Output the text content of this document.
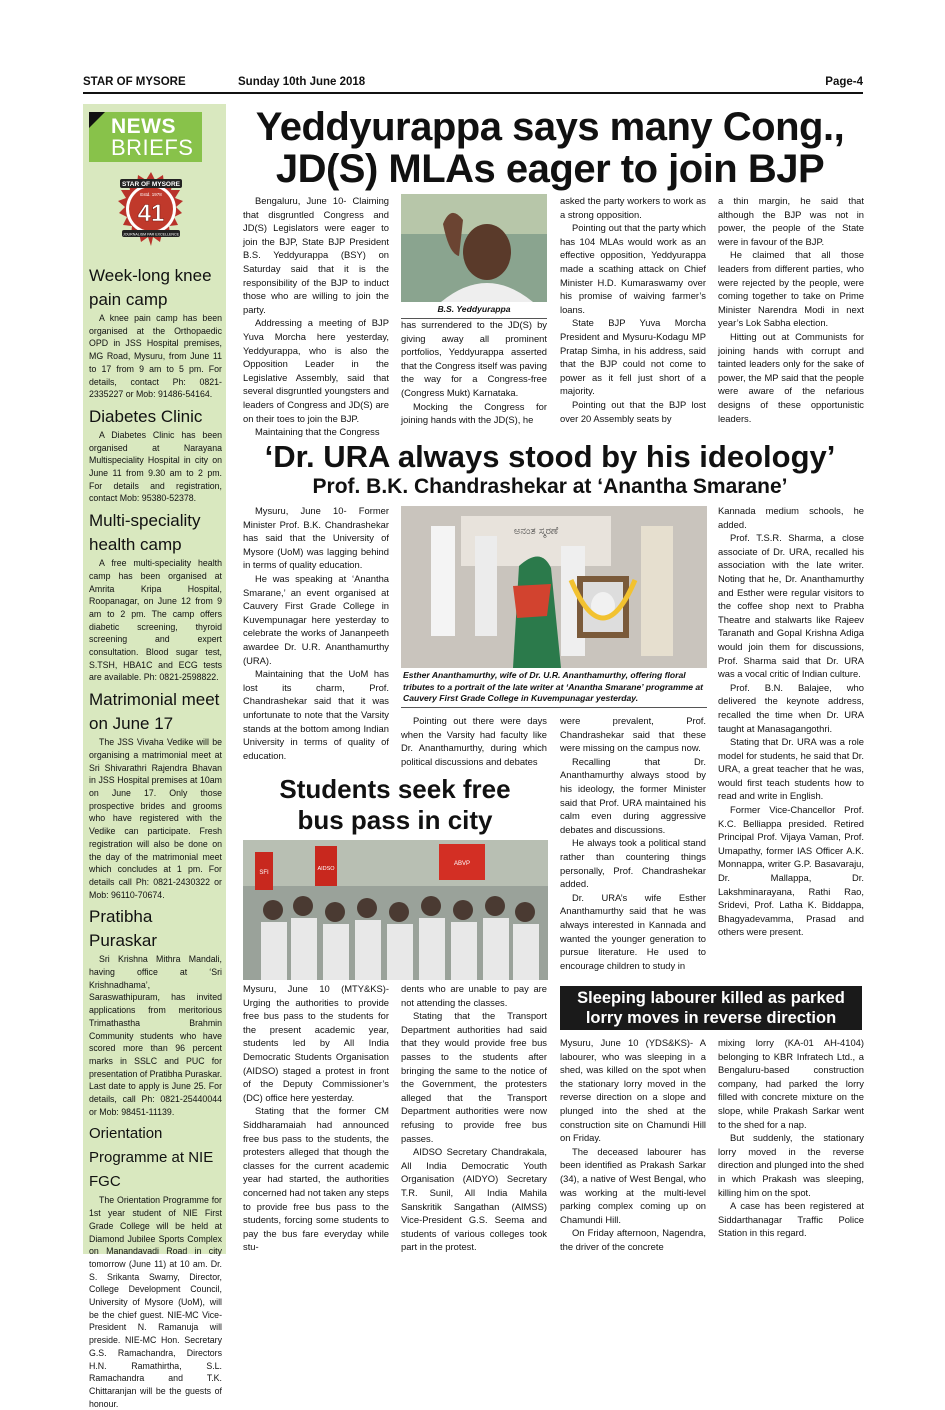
STAR OF MYSORE	Sunday 10th June 2018	Page-4
NEWS
BRIEFS
STAR OF MYSORE
Estd. 1978
41
JOURNALISM PAR EXCELLENCE
Week-long knee pain camp

A knee pain camp has been organised at the Orthopaedic OPD in JSS Hospital premises, MG Road, Mysuru, from June 11 to 17 from 9 am to 5 pm. For details, contact Ph: 0821-2335227 or Mob: 91486-54164.

Diabetes Clinic

A Diabetes Clinic has been organised at Narayana Multispeciality Hospital in city on June 11 from 9.30 am to 2 pm. For details and registration, contact Mob: 95380-52378.

Multi-speciality health camp

A free multi-speciality health camp has been organised at Amrita Kripa Hospital, Roopanagar, on June 12 from 9 am to 2 pm. The camp offers diabetic screening, thyroid screening and expert consultation. Blood sugar test, S.TSH, HBA1C and ECG tests are available. Ph: 0821-2598822.

Matrimonial meet on June 17

The JSS Vivaha Vedike will be organising a matrimonial meet at Sri Shivarathri Rajendra Bhavan in JSS Hospital premises at 10am on June 17. Only those prospective brides and grooms who have registered with the Vedike can participate. Fresh registration will also be done on the day of the matrimonial meet which concludes at 1 pm. For details call Ph: 0821-2430322 or Mob: 96110-70674.

Pratibha Puraskar

Sri Krishna Mithra Mandali, having office at ‘Sri Krishnadhama’, Saraswathipuram, has invited applications from meritorious Trimathastha Brahmin Community students who have scored more than 96 percent marks in SSLC and PUC for presentation of Pratibha Puraskar. Last date to apply is June 25. For details, call Ph: 0821-25440044 or Mob: 98451-11139.

Orientation Programme at NIE FGC

The Orientation Programme for 1st year student of NIE First Grade College will be held at Diamond Jubilee Sports Complex on Manandavadi Road in city tomorrow (June 11) at 10 am. Dr. S. Srikanta Swamy, Director, College Development Council, University of Mysore (UoM), will be the chief guest. NIE-MC Vice-President N. Ramanuja will preside. NIE-MC Hon. Secretary G.S. Ramachandra, Directors H.N. Ramathirtha, S.L. Ramachandra and T.K. Chittaranjan will be the guests of honour.

Yeddyurappa says many Cong.,
JD(S) MLAs eager to join BJP

Bengaluru, June 10- Claiming that disgruntled Congress and JD(S) Legislators were eager to join the BJP, State BJP President B.S. Yeddyurappa (BSY) on Saturday said that it is the responsibility of the BJP to induct those who are willing to join the party.

Addressing a meeting of BJP Yuva Morcha here yesterday, Yeddyurappa, who is also the Opposition Leader in the Legislative Assembly, said that several disgruntled youngsters and leaders of Congress and JD(S) are on their toes to join the BJP.

Maintaining that the Congress

B.S. Yeddyurappa

has surrendered to the JD(S) by giving away all prominent portfolios, Yeddyurappa asserted that the Congress itself was paving the way for a Congress-free (Congress Mukt) Karnataka.

Mocking the Congress for joining hands with the JD(S), he

asked the party workers to work as a strong opposition.

Pointing out that the party which has 104 MLAs would work as an effective opposition, Yeddyurappa made a scathing attack on Chief Minister H.D. Kumaraswamy over his promise of waiving farmer’s loans.

State BJP Yuva Morcha President and Mysuru-Kodagu MP Pratap Simha, in his address, said that the BJP could not come to power as it fell just short of a majority.

Pointing out that the BJP lost over 20 Assembly seats by

a thin margin, he said that although the BJP was not in power, the people of the State were in favour of the BJP.

He claimed that all those leaders from different parties, who were rejected by the people, were coming together to take on Prime Minister Narendra Modi in next year’s Lok Sabha election.

Hitting out at Communists for joining hands with corrupt and tainted leaders only for the sake of power, the MP said that the people were aware of the nefarious designs of these opportunistic leaders.

‘Dr. URA always stood by his ideology’
Prof. B.K. Chandrashekar at ‘Anantha Smarane’

Mysuru, June 10- Former Minister Prof. B.K. Chandrashekar has said that the University of Mysore (UoM) was lagging behind in terms of quality education.

He was speaking at ‘Anantha Smarane,’ an event organised at Cauvery First Grade College in Kuvempunagar here yesterday to celebrate the works of Jananpeeth awardee Dr. U.R. Ananthamurthy (URA).

Maintaining that the UoM has lost its charm, Prof. Chandrashekar said that it was unfortunate to note that the Varsity stands at the bottom among Indian University in terms of quality of education.

ಅನಂತ ಸ್ಮರಣೆ
Esther Ananthamurthy, wife of Dr. U.R. Ananthamurthy, offering floral tributes to a portrait of the late writer at ‘Anantha Smarane’ programme at Cauvery First Grade College in Kuvempunagar yesterday.

Pointing out there were days when the Varsity had faculty like Dr. Ananthamurthy, during which political discussions and debates

were prevalent, Prof. Chandrashekar said that these were missing on the campus now.

Recalling that Dr. Ananthamurthy always stood by his ideology, the former Minister said that Prof. URA maintained his calm even during aggressive debates and discussions.

He always took a political stand rather than countering things personally, Prof. Chandrashekar added.

Dr. URA’s wife Esther Ananthamurthy said that he was always interested in Kannada and wanted the younger generation to pursue literature. He used to encourage children to study in

Kannada medium schools, he added.

Prof. T.S.R. Sharma, a close associate of Dr. URA, recalled his association with the late writer. Noting that he, Dr. Ananthamurthy and Esther were regular visitors to the coffee shop next to Prabha Theatre and stalwarts like Rajeev Taranath and Gopal Krishna Adiga would join them for discussions, Prof. Sharma said that Dr. URA was a vocal critic of Indian culture.

Prof. B.N. Balajee, who delivered the keynote address, recalled the time when Dr. URA taught at Manasagangothri.

Stating that Dr. URA was a role model for students, he said that Dr. URA, a great teacher that he was, would first teach students how to read and write in English.

Former Vice-Chancellor Prof. K.C. Belliappa presided. Retired Principal Prof. Vijaya Vaman, Prof. Umapathy, former IAS Officer A.K. Monnappa, writer G.P. Basavaraju, Dr. Mallappa, Dr. Lakshminarayana, Rathi Rao, Sridevi, Prof. Latha K. Biddappa, Bhagyadevamma, Prasad and others were present.

Students seek free
bus pass in city
SFI
AIDSO
ABVP

Mysuru, June 10 (MTY&KS)- Urging the authorities to provide free bus pass to the students for the present academic year, students led by All India Democratic Students Organisation (AIDSO) staged a protest in front of the Deputy Commissioner’s (DC) office here yesterday.

Stating that the former CM Siddharamaiah had announced free bus pass to the students, the protesters alleged that though the classes for the current academic year had started, the authorities concerned had not taken any steps to provide free bus pass to the students, forcing some students to pay the bus fare everyday while stu-

dents who are unable to pay are not attending the classes.

Stating that the Transport Department authorities had said that they would provide free bus passes to the students after bringing the same to the notice of the Government, the protesters alleged that the Transport Department authorities were now refusing to provide free bus passes.

AIDSO Secretary Chandrakala, All India Democratic Youth Organisation (AIDYO) Secretary T.R. Sunil, All India Mahila Sanskritik Sangathan (AIMSS) Vice-President G.S. Seema and students of various colleges took part in the protest.

Sleeping labourer killed as parked
lorry moves in reverse direction

Mysuru, June 10 (YDS&KS)- A labourer, who was sleeping in a shed, was killed on the spot when the stationary lorry moved in the reverse direction on a slope and plunged into the shed at the construction site on Chamundi Hill on Friday.

The deceased labourer has been identified as Prakash Sarkar (34), a native of West Bengal, who was working at the multi-level parking complex coming up on Chamundi Hill.

On Friday afternoon, Nagendra, the driver of the concrete

mixing lorry (KA-01 AH-4104) belonging to KBR Infratech Ltd., a Bengaluru-based construction company, had parked the lorry filled with concrete mixture on the slope, while Prakash Sarkar went to the shed for a nap.

But suddenly, the stationary lorry moved in the reverse direction and plunged into the shed in which Prakash was sleeping, killing him on the spot.

A case has been registered at Siddarthanagar Traffic Police Station in this regard.
